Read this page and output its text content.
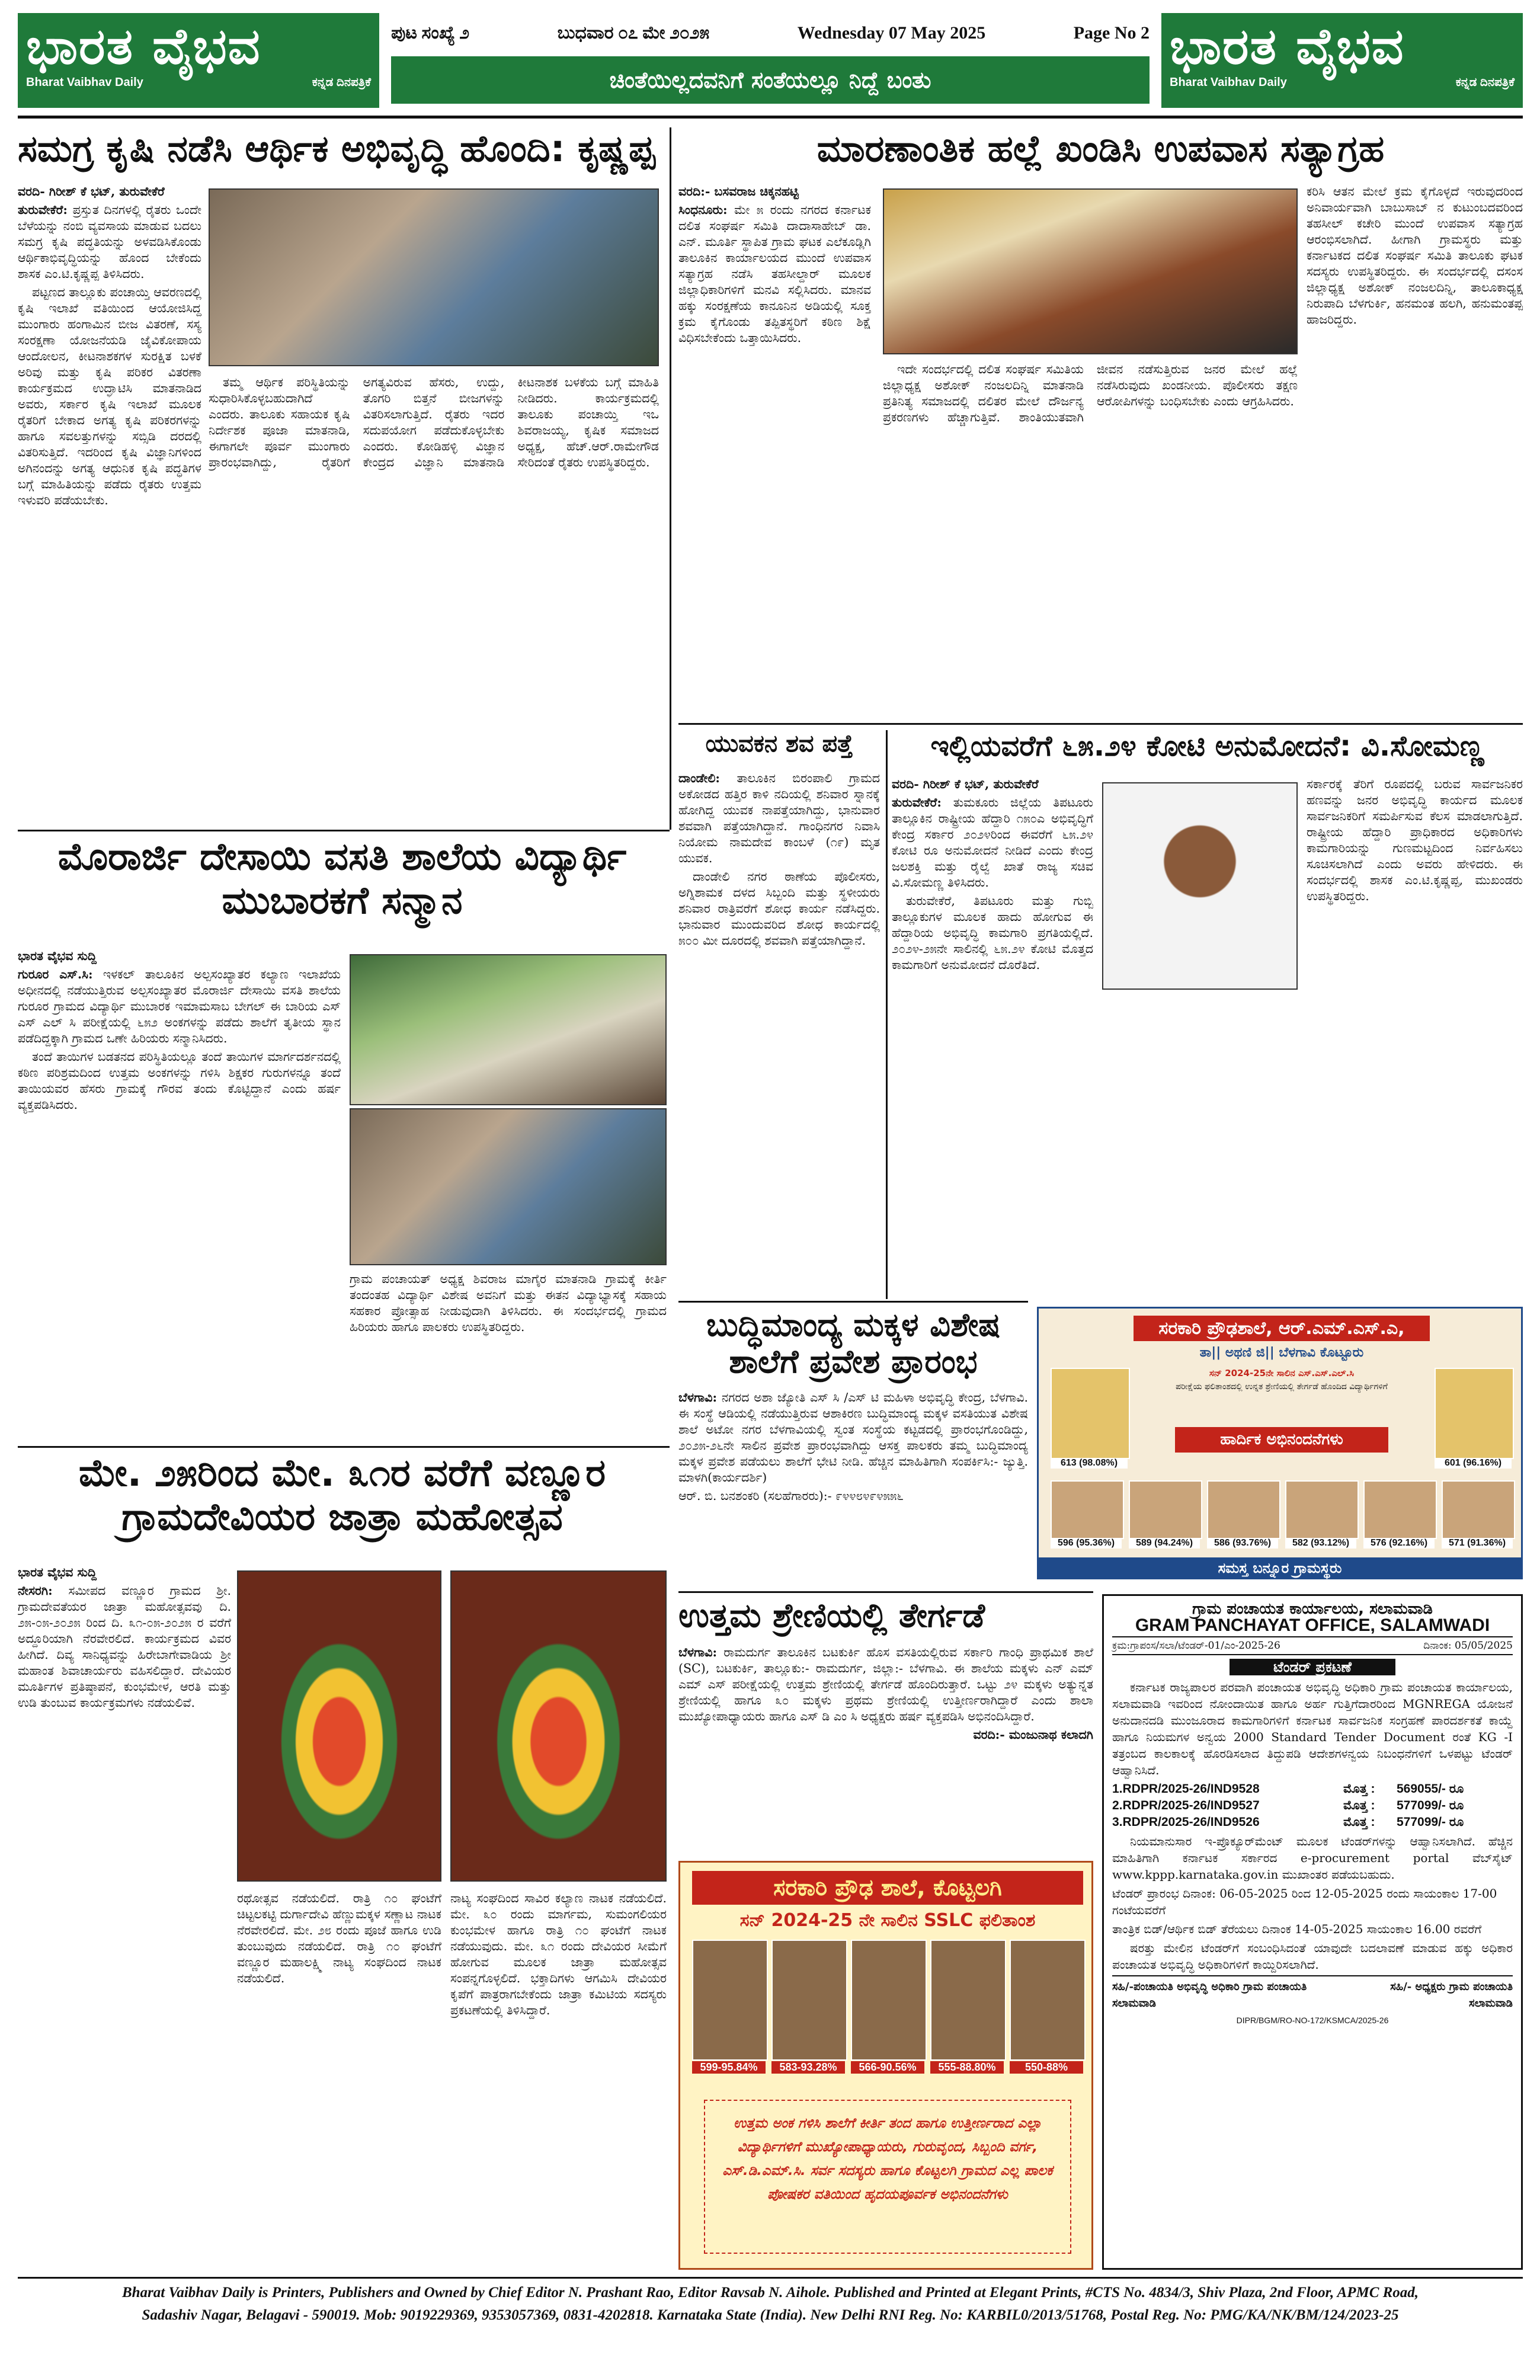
ಭಾರತ ವೈಭವ
Bharat Vaibhav Daily	ಕನ್ನಡ ದಿನಪತ್ರಿಕೆ
ಪುಟ ಸಂಖ್ಯೆ ೨	ಬುಧವಾರ ೦೭ ಮೇ ೨೦೨೫	Wednesday 07 May 2025	Page No 2
ಚಿಂತೆಯಿಲ್ಲದವನಿಗೆ ಸಂತೆಯಲ್ಲೂ ನಿದ್ದೆ ಬಂತು
ಭಾರತ ವೈಭವ
Bharat Vaibhav Daily	ಕನ್ನಡ ದಿನಪತ್ರಿಕೆ
ಸಮಗ್ರ ಕೃಷಿ ನಡೆಸಿ ಆರ್ಥಿಕ ಅಭಿವೃದ್ಧಿ ಹೊಂದಿ: ಕೃಷ್ಣಪ್ಪ

ವರದಿ- ಗಿರೀಶ್ ಕೆ ಭಟ್, ತುರುವೇಕೆರೆ

ತುರುವೇಕೆರೆ: ಪ್ರಸ್ತುತ ದಿನಗಳಲ್ಲಿ ರೈತರು ಒಂದೇ ಬೆಳೆಯನ್ನು ನಂಬಿ ವ್ಯವಸಾಯ ಮಾಡುವ ಬದಲು ಸಮಗ್ರ ಕೃಷಿ ಪದ್ಧತಿಯನ್ನು ಅಳವಡಿಸಿಕೊಂಡು ಆರ್ಥಿಕಾಭಿವೃದ್ಧಿಯನ್ನು ಹೊಂದ ಬೇಕೆಂದು ಶಾಸಕ ಎಂ.ಟಿ.ಕೃಷ್ಣಪ್ಪ ತಿಳಿಸಿದರು.

ಪಟ್ಟಣದ ತಾಲ್ಲೂಕು ಪಂಚಾಯ್ತಿ ಆವರಣದಲ್ಲಿ ಕೃಷಿ ಇಲಾಖೆ ವತಿಯಿಂದ ಆಯೋಜಿಸಿದ್ದ ಮುಂಗಾರು ಹಂಗಾಮಿನ ಬೀಜ ವಿತರಣೆ, ಸಸ್ಯ ಸಂರಕ್ಷಣಾ ಯೋಜನೆಯಡಿ ಜೈವಿಕೋಪಾಯ ಆಂದೋಲನ, ಕೀಟನಾಶಕಗಳ ಸುರಕ್ಷಿತ ಬಳಕೆ ಅರಿವು ಮತ್ತು ಕೃಷಿ ಪರಿಕರ ವಿತರಣಾ ಕಾರ್ಯಕ್ರಮದ ಉದ್ಘಾಟಿಸಿ ಮಾತನಾಡಿದ ಅವರು, ಸರ್ಕಾರ ಕೃಷಿ ಇಲಾಖೆ ಮೂಲಕ ರೈತರಿಗೆ ಬೇಕಾದ ಅಗತ್ಯ ಕೃಷಿ ಪರಿಕರಗಳನ್ನು ಹಾಗೂ ಸವಲತ್ತುಗಳನ್ನು ಸಬ್ಸಿಡಿ ದರದಲ್ಲಿ ವಿತರಿಸುತ್ತಿದೆ. ಇದರಿಂದ ಕೃಷಿ ವಿಜ್ಞಾನಿಗಳಿಂದ ಅಗಿನಂದನ್ನು ಅಗತ್ಯ ಆಧುನಿಕ ಕೃಷಿ ಪದ್ಧತಿಗಳ ಬಗ್ಗೆ ಮಾಹಿತಿಯನ್ನು ಪಡೆದು ರೈತರು ಉತ್ತಮ ಇಳುವರಿ ಪಡೆಯಬೇಕು.

ತಮ್ಮ ಆರ್ಥಿಕ ಪರಿಸ್ಥಿತಿಯನ್ನು ಸುಧಾರಿಸಿಕೊಳ್ಳಬಹುದಾಗಿದೆ ಎಂದರು. ತಾಲೂಕು ಸಹಾಯಕ ಕೃಷಿ ನಿರ್ದೇಶಕ ಪೂಜಾ ಮಾತನಾಡಿ, ಈಗಾಗಲೇ ಪೂರ್ವ ಮುಂಗಾರು ಪ್ರಾರಂಭವಾಗಿದ್ದು, ರೈತರಿಗೆ ಅಗತ್ಯವಿರುವ ಹೆಸರು, ಉದ್ದು, ತೊಗರಿ ಬಿತ್ತನೆ ಬೀಜಗಳನ್ನು ವಿತರಿಸಲಾಗುತ್ತಿದೆ. ರೈತರು ಇದರ ಸದುಪಯೋಗ ಪಡೆದುಕೊಳ್ಳಬೇಕು ಎಂದರು. ಕೋಡಿಹಳ್ಳಿ ವಿಜ್ಞಾನ ಕೇಂದ್ರದ ವಿಜ್ಞಾನಿ ಮಾತನಾಡಿ ಕೀಟನಾಶಕ ಬಳಕೆಯ ಬಗ್ಗೆ ಮಾಹಿತಿ ನೀಡಿದರು. ಕಾರ್ಯಕ್ರಮದಲ್ಲಿ ತಾಲೂಕು ಪಂಚಾಯ್ತಿ ಇಒ ಶಿವರಾಜಯ್ಯ, ಕೃಷಿಕ ಸಮಾಜದ ಅಧ್ಯಕ್ಷ, ಹೆಚ್.ಆರ್.ರಾಮೇಗೌಡ ಸೇರಿದಂತೆ ರೈತರು ಉಪಸ್ಥಿತರಿದ್ದರು.

ಮಾರಣಾಂತಿಕ ಹಲ್ಲೆ ಖಂಡಿಸಿ ಉಪವಾಸ ಸತ್ಯಾಗ್ರಹ

ವರದಿ:- ಬಸವರಾಜ ಚಿಕ್ಕನಹಟ್ಟಿ

ಸಿಂಧನೂರು: ಮೇ ೫ ರಂದು ನಗರದ ಕರ್ನಾಟಕ ದಲಿತ ಸಂಘರ್ಷ ಸಮಿತಿ ದಾದಾಸಾಹೇಬ್ ಡಾ. ಎನ್. ಮೂರ್ತಿ ಸ್ಥಾಪಿತ ಗ್ರಾಮ ಘಟಕ ಎಲೆಕೂಡ್ಲಿಗಿ ತಾಲೂಕಿನ ಕಾರ್ಯಾಲಯದ ಮುಂದೆ ಉಪವಾಸ ಸತ್ಯಾಗ್ರಹ ನಡೆಸಿ ತಹಸೀಲ್ದಾರ್ ಮೂಲಕ ಜಿಲ್ಲಾಧಿಕಾರಿಗಳಿಗೆ ಮನವಿ ಸಲ್ಲಿಸಿದರು. ಮಾನವ ಹಕ್ಕು ಸಂರಕ್ಷಣೆಯ ಕಾನೂನಿನ ಅಡಿಯಲ್ಲಿ ಸೂಕ್ತ ಕ್ರಮ ಕೈಗೊಂಡು ತಪ್ಪಿತಸ್ಥರಿಗೆ ಕಠಿಣ ಶಿಕ್ಷೆ ವಿಧಿಸಬೇಕೆಂದು ಒತ್ತಾಯಿಸಿದರು.

ಇದೇ ಸಂದರ್ಭದಲ್ಲಿ ದಲಿತ ಸಂಘರ್ಷ ಸಮಿತಿಯ ಜಿಲ್ಲಾಧ್ಯಕ್ಷ ಅಶೋಕ್ ನಂಜಲದಿನ್ನಿ ಮಾತನಾಡಿ ಪ್ರತಿನಿತ್ಯ ಸಮಾಜದಲ್ಲಿ ದಲಿತರ ಮೇಲೆ ದೌರ್ಜನ್ಯ ಪ್ರಕರಣಗಳು ಹೆಚ್ಚಾಗುತ್ತಿವೆ. ಶಾಂತಿಯುತವಾಗಿ ಜೀವನ ನಡೆಸುತ್ತಿರುವ ಜನರ ಮೇಲೆ ಹಲ್ಲೆ ನಡೆಸಿರುವುದು ಖಂಡನೀಯ. ಪೊಲೀಸರು ತಕ್ಷಣ ಆರೋಪಿಗಳನ್ನು ಬಂಧಿಸಬೇಕು ಎಂದು ಆಗ್ರಹಿಸಿದರು.

ಕರಿಸಿ ಆತನ ಮೇಲೆ ಕ್ರಮ ಕೈಗೊಳ್ಳದೆ ಇರುವುದರಿಂದ ಅನಿವಾರ್ಯವಾಗಿ ಬಾಬುಸಾಬ್ ನ ಕುಟುಂಬದವರಿಂದ ತಹಸೀಲ್ ಕಚೇರಿ ಮುಂದೆ ಉಪವಾಸ ಸತ್ಯಾಗ್ರಹ ಆರಂಭಿಸಲಾಗಿದೆ. ಹೀಗಾಗಿ ಗ್ರಾಮಸ್ಥರು ಮತ್ತು ಕರ್ನಾಟಕದ ದಲಿತ ಸಂಘರ್ಷ ಸಮಿತಿ ತಾಲೂಕು ಘಟಕ ಸದಸ್ಯರು ಉಪಸ್ಥಿತರಿದ್ದರು. ಈ ಸಂದರ್ಭದಲ್ಲಿ ದಸಂಸ ಜಿಲ್ಲಾಧ್ಯಕ್ಷ ಅಶೋಕ್ ನಂಜಲದಿನ್ನಿ, ತಾಲೂಕಾಧ್ಯಕ್ಷ ನಿರುಪಾದಿ ಬೆಳಗುರ್ಕಿ, ಹನಮಂತ ಹಲಗಿ, ಹನುಮಂತಪ್ಪ ಹಾಜರಿದ್ದರು.

ಯುವಕನ ಶವ ಪತ್ತೆ

ದಾಂಡೇಲಿ: ತಾಲೂಕಿನ ಬಿರಂಪಾಲಿ ಗ್ರಾಮದ ಅಕೋಡದ ಹತ್ತಿರ ಕಾಳಿ ನದಿಯಲ್ಲಿ ಶನಿವಾರ ಸ್ನಾನಕ್ಕೆ ಹೋಗಿದ್ದ ಯುವಕ ನಾಪತ್ತೆಯಾಗಿದ್ದು, ಭಾನುವಾರ ಶವವಾಗಿ ಪತ್ತೆಯಾಗಿದ್ದಾನೆ. ಗಾಂಧಿನಗರ ನಿವಾಸಿ ನಿಯೋಮ ನಾಮದೇವ ಕಾಂಬಳೆ (೧೯) ಮೃತ ಯುವಕ.

ದಾಂಡೇಲಿ ನಗರ ಠಾಣೆಯ ಪೊಲೀಸರು, ಅಗ್ನಿಶಾಮಕ ದಳದ ಸಿಬ್ಬಂದಿ ಮತ್ತು ಸ್ಥಳೀಯರು ಶನಿವಾರ ರಾತ್ರಿವರೆಗೆ ಶೋಧ ಕಾರ್ಯ ನಡೆಸಿದ್ದರು. ಭಾನುವಾರ ಮುಂದುವರಿದ ಶೋಧ ಕಾರ್ಯದಲ್ಲಿ ೫೦೦ ಮೀ ದೂರದಲ್ಲಿ ಶವವಾಗಿ ಪತ್ತೆಯಾಗಿದ್ದಾನೆ.

ಇಲ್ಲಿಯವರೆಗೆ ೬೫.೨೪ ಕೋಟಿ ಅನುಮೋದನೆ: ವಿ.ಸೋಮಣ್ಣ

ವರದಿ- ಗಿರೀಶ್ ಕೆ ಭಟ್, ತುರುವೇಕೆರೆ

ತುರುವೇಕೆರೆ: ತುಮಕೂರು ಜಿಲ್ಲೆಯ ತಿಪಟೂರು ತಾಲ್ಲೂಕಿನ ರಾಷ್ಟ್ರೀಯ ಹೆದ್ದಾರಿ ೧೫೦ಎ ಅಭಿವೃದ್ಧಿಗೆ ಕೇಂದ್ರ ಸರ್ಕಾರ ೨೦೨೪ರಿಂದ ಈವರೆಗೆ ೬೫.೨೪ ಕೋಟಿ ರೂ ಅನುಮೋದನೆ ನೀಡಿದೆ ಎಂದು ಕೇಂದ್ರ ಜಲಶಕ್ತಿ ಮತ್ತು ರೈಲ್ವೆ ಖಾತೆ ರಾಜ್ಯ ಸಚಿವ ವಿ.ಸೋಮಣ್ಣ ತಿಳಿಸಿದರು.

ತುರುವೇಕೆರೆ, ತಿಪಟೂರು ಮತ್ತು ಗುಬ್ಬಿ ತಾಲ್ಲೂಕುಗಳ ಮೂಲಕ ಹಾದು ಹೋಗುವ ಈ ಹೆದ್ದಾರಿಯ ಅಭಿವೃದ್ಧಿ ಕಾಮಗಾರಿ ಪ್ರಗತಿಯಲ್ಲಿದೆ. ೨೦೨೪-೨೫ನೇ ಸಾಲಿನಲ್ಲಿ ೬೫.೨೪ ಕೋಟಿ ಮೊತ್ತದ ಕಾಮಗಾರಿಗೆ ಅನುಮೋದನೆ ದೊರೆತಿದೆ.

ಸರ್ಕಾರಕ್ಕೆ ತೆರಿಗೆ ರೂಪದಲ್ಲಿ ಬರುವ ಸಾರ್ವಜನಿಕರ ಹಣವನ್ನು ಜನರ ಅಭಿವೃದ್ಧಿ ಕಾರ್ಯದ ಮೂಲಕ ಸಾರ್ವಜನಿಕರಿಗೆ ಸಮರ್ಪಿಸುವ ಕೆಲಸ ಮಾಡಲಾಗುತ್ತಿದೆ. ರಾಷ್ಟ್ರೀಯ ಹೆದ್ದಾರಿ ಪ್ರಾಧಿಕಾರದ ಅಧಿಕಾರಿಗಳು ಕಾಮಗಾರಿಯನ್ನು ಗುಣಮಟ್ಟದಿಂದ ನಿರ್ವಹಿಸಲು ಸೂಚಿಸಲಾಗಿದೆ ಎಂದು ಅವರು ಹೇಳಿದರು. ಈ ಸಂದರ್ಭದಲ್ಲಿ ಶಾಸಕ ಎಂ.ಟಿ.ಕೃಷ್ಣಪ್ಪ, ಮುಖಂಡರು ಉಪಸ್ಥಿತರಿದ್ದರು.

ಮೊರಾರ್ಜಿ ದೇಸಾಯಿ ವಸತಿ ಶಾಲೆಯ ವಿದ್ಯಾರ್ಥಿ ಮುಬಾರಕಗೆ ಸನ್ಮಾನ

ಭಾರತ ವೈಭವ ಸುದ್ದಿ

ಗುರೂರ ಎಸ್.ಸಿ: ಇಳಕಲ್ ತಾಲೂಕಿನ ಅಲ್ಪಸಂಖ್ಯಾತರ ಕಲ್ಯಾಣ ಇಲಾಖೆಯ ಅಧೀನದಲ್ಲಿ ನಡೆಯುತ್ತಿರುವ ಅಲ್ಪಸಂಖ್ಯಾತರ ಮೊರಾರ್ಜಿ ದೇಸಾಯಿ ವಸತಿ ಶಾಲೆಯ ಗುರೂರ ಗ್ರಾಮದ ವಿದ್ಯಾರ್ಥಿ ಮುಬಾರಕ ಇಮಾಮಸಾಬ ಬೇಗಲ್ ಈ ಬಾರಿಯ ಎಸ್ ಎಸ್ ಎಲ್ ಸಿ ಪರೀಕ್ಷೆಯಲ್ಲಿ ೬೫೨ ಅಂಕಗಳನ್ನು ಪಡೆದು ಶಾಲೆಗೆ ತೃತೀಯ ಸ್ಥಾನ ಪಡೆದಿದ್ದಕ್ಕಾಗಿ ಗ್ರಾಮದ ಒಣೇ ಹಿರಿಯರು ಸನ್ಮಾನಿಸಿದರು.

ತಂದೆ ತಾಯಿಗಳ ಬಡತನದ ಪರಿಸ್ಥಿತಿಯಲ್ಲೂ ತಂದೆ ತಾಯಿಗಳ ಮಾರ್ಗದರ್ಶನದಲ್ಲಿ ಕಠಿಣ ಪರಿಶ್ರಮದಿಂದ ಉತ್ತಮ ಅಂಕಗಳನ್ನು ಗಳಿಸಿ ಶಿಕ್ಷಕರ ಗುರುಗಳನ್ನೂ ತಂದೆ ತಾಯಿಯವರ ಹೆಸರು ಗ್ರಾಮಕ್ಕೆ ಗೌರವ ತಂದು ಕೊಟ್ಟಿದ್ದಾನೆ ಎಂದು ಹರ್ಷ ವ್ಯಕ್ತಪಡಿಸಿದರು.

ಗ್ರಾಮ ಪಂಚಾಯತ್ ಅಧ್ಯಕ್ಷ ಶಿವರಾಜ ಮಾಗೈರ ಮಾತನಾಡಿ ಗ್ರಾಮಕ್ಕೆ ಕೀರ್ತಿ ತಂದಂತಹ ವಿದ್ಯಾರ್ಥಿ ವಿಶೇಷ ಅವನಿಗೆ ಮತ್ತು ಈತನ ವಿದ್ಯಾಭ್ಯಾಸಕ್ಕೆ ಸಹಾಯ ಸಹಕಾರ ಪ್ರೋತ್ಸಾಹ ನೀಡುವುದಾಗಿ ತಿಳಿಸಿದರು. ಈ ಸಂದರ್ಭದಲ್ಲಿ ಗ್ರಾಮದ ಹಿರಿಯರು ಹಾಗೂ ಪಾಲಕರು ಉಪಸ್ಥಿತರಿದ್ದರು.	ಬುದ್ಧಿಮಾಂದ್ಯ ಮಕ್ಕಳ ವಿಶೇಷ ಶಾಲೆಗೆ ಪ್ರವೇಶ ಪ್ರಾರಂಭ

ಬೆಳಗಾವಿ: ನಗರದ ಅಶಾ ಜ್ಯೋತಿ ಎಸ್ ಸಿ /ಎಸ್ ಟಿ ಮಹಿಳಾ ಅಭಿವೃದ್ಧಿ ಕೇಂದ್ರ, ಬೆಳಗಾವಿ. ಈ ಸಂಸ್ಥೆ ಆಡಿಯಲ್ಲಿ ನಡೆಯುತ್ತಿರುವ ಆಶಾಕಿರಣ ಬುದ್ಧಿಮಾಂದ್ಯ ಮಕ್ಕಳ ವಸತಿಯುತ ವಿಶೇಷ ಶಾಲೆ ಅಟೋ ನಗರ ಬೆಳಗಾವಿಯಲ್ಲಿ ಸ್ವಂತ ಸಂಸ್ಥೆಯ ಕಟ್ಟಡದಲ್ಲಿ ಪ್ರಾರಂಭಗೊಂಡಿದ್ದು, ೨೦೨೫-೨೬ನೇ ಸಾಲಿನ ಪ್ರವೇಶ ಪ್ರಾರಂಭವಾಗಿದ್ದು ಆಸಕ್ತ ಪಾಲಕರು ತಮ್ಮ ಬುದ್ಧಿಮಾಂದ್ಯ ಮಕ್ಕಳ ಪ್ರವೇಶ ಪಡೆಯಲು ಶಾಲೆಗೆ ಭೇಟಿ ನೀಡಿ. ಹೆಚ್ಚಿನ ಮಾಹಿತಿಗಾಗಿ ಸಂಪರ್ಕಿಸಿ:- ಜ್ಯುತ್ತಿ. ಮಾಳಗಿ(ಕಾರ್ಯದರ್ಶಿ)

ಆರ್. ಬಿ. ಬನಶಂಕರಿ (ಸಲಹೆಗಾರರು):- ೯೪೪೮೪೯೪೫೫೬

ಸರಕಾರಿ ಪ್ರೌಢಶಾಲೆ, ಆರ್.ಎಮ್.ಎಸ್.ಎ,
ತಾ|| ಅಥಣಿ ಜಿ|| ಬೆಳಗಾವಿ ಕೊಟ್ಟೂರು
ಸನ್ 2024-25ನೇ ಸಾಲಿನ ಎಸ್.ಎಸ್.ಎಲ್.ಸಿ
ಪರೀಕ್ಷೆಯ ಫಲಿತಾಂಶದಲ್ಲಿ ಉನ್ನತ ಶ್ರೇಣಿಯಲ್ಲಿ ತೇರ್ಗಡೆ ಹೊಂದಿದ ವಿದ್ಯಾರ್ಥಿಗಳಿಗೆ
613 (98.08%)	601 (96.16%)
ಹಾರ್ದಿಕ ಅಭಿನಂದನೆಗಳು
596 (95.36%)	589 (94.24%)	586 (93.76%)	582 (93.12%)	576 (92.16%)	571 (91.36%)
ಸಮಸ್ತ ಬನ್ನೂರ ಗ್ರಾಮಸ್ಥರು
ಮೇ. ೨೫ರಿಂದ ಮೇ. ೩೧ರ ವರೆಗೆ ವಣ್ಣೂರ ಗ್ರಾಮದೇವಿಯರ ಜಾತ್ರಾ ಮಹೋತ್ಸವ

ಭಾರತ ವೈಭವ ಸುದ್ದಿ

ನೇಸರಗಿ: ಸಮೀಪದ ವಣ್ಣೂರ ಗ್ರಾಮದ ಶ್ರೀ. ಗ್ರಾಮದೇವತೆಯರ ಜಾತ್ರಾ ಮಹೋತ್ಸವವು ದಿ. ೨೫-೦೫-೨೦೨೫ ರಿಂದ ದಿ. ೩೧-೦೫-೨೦೨೫ ರ ವರೆಗೆ ಅದ್ದೂರಿಯಾಗಿ ನೆರವೇರಲಿದೆ. ಕಾರ್ಯಕ್ರಮದ ವಿವರ ಹೀಗಿದೆ. ದಿವ್ಯ ಸಾನಿಧ್ಯವನ್ನು ಹಿರೇಬಾಗೇವಾಡಿಯ ಶ್ರೀ ಮಹಾಂತ ಶಿವಾಚಾರ್ಯರು ವಹಿಸಲಿದ್ದಾರೆ. ದೇವಿಯರ ಮೂರ್ತಿಗಳ ಪ್ರತಿಷ್ಠಾಪನೆ, ಕುಂಭಮೇಳ, ಆರತಿ ಮತ್ತು ಉಡಿ ತುಂಬುವ ಕಾರ್ಯಕ್ರಮಗಳು ನಡೆಯಲಿವೆ.

ರಥೋತ್ಸವ ನಡೆಯಲಿದೆ. ರಾತ್ರಿ ೧೦ ಘಂಟೆಗೆ ಚಿಟ್ಟಲಕಟ್ಟಿ ದುರ್ಗಾದೇವಿ ಹೆಣ್ಣುಮಕ್ಕಳ ಸಣ್ಣಾಟ ನಾಟಕ ನೆರವೇರಲಿದೆ. ಮೇ. ೨೮ ರಂದು ಪೂಜೆ ಹಾಗೂ ಉಡಿ ತುಂಬುವುದು ನಡೆಯಲಿದೆ. ರಾತ್ರಿ ೧೦ ಘಂಟೆಗೆ ವಣ್ಣೂರ ಮಹಾಲಕ್ಷ್ಮಿ ನಾಟ್ಯ ಸಂಘದಿಂದ ನಾಟಕ ನಡೆಯಲಿದೆ.

ನಾಟ್ಯ ಸಂಘದಿಂದ ಸಾವಿರ ಕಲ್ಯಾಣ ನಾಟಕ ನಡೆಯಲಿದೆ. ಮೇ. ೩೦ ರಂದು ಮಾರ್ಗಮ, ಸುಮಂಗಲಿಯರ ಕುಂಭಮೇಳ ಹಾಗೂ ರಾತ್ರಿ ೧೦ ಘಂಟೆಗೆ ನಾಟಕ ನಡೆಯುವುದು. ಮೇ. ೩೧ ರಂದು ದೇವಿಯರ ಸೀಮೆಗೆ ಹೋಗುವ ಮೂಲಕ ಜಾತ್ರಾ ಮಹೋತ್ಸವ ಸಂಪನ್ನಗೊಳ್ಳಲಿದೆ. ಭಕ್ತಾದಿಗಳು ಆಗಮಿಸಿ ದೇವಿಯರ ಕೃಪೆಗೆ ಪಾತ್ರರಾಗಬೇಕೆಂದು ಜಾತ್ರಾ ಕಮಿಟಿಯ ಸದಸ್ಯರು ಪ್ರಕಟಣೆಯಲ್ಲಿ ತಿಳಿಸಿದ್ದಾರೆ.

ಉತ್ತಮ ಶ್ರೇಣಿಯಲ್ಲಿ ತೇರ್ಗಡೆ

ಬೆಳಗಾವಿ: ರಾಮದುರ್ಗ ತಾಲೂಕಿನ ಬಟಕುರ್ಕಿ ಹೊಸ ವಸತಿಯಲ್ಲಿರುವ ಸರ್ಕಾರಿ ಗಾಂಧಿ ಪ್ರಾಥಮಿಕ ಶಾಲೆ (SC), ಬಟಕುರ್ಕಿ, ತಾಲ್ಲೂಕು:- ರಾಮದುರ್ಗ, ಜಿಲ್ಲಾ:- ಬೆಳಗಾವಿ. ಈ ಶಾಲೆಯ ಮಕ್ಕಳು ಎನ್ ಎಮ್ ಎಮ್ ಎಸ್ ಪರೀಕ್ಷೆಯಲ್ಲಿ ಉತ್ತಮ ಶ್ರೇಣಿಯಲ್ಲಿ ತೇರ್ಗಡೆ ಹೊಂದಿರುತ್ತಾರೆ. ಒಟ್ಟು ೨೪ ಮಕ್ಕಳು ಅತ್ಯುನ್ನತ ಶ್ರೇಣಿಯಲ್ಲಿ ಹಾಗೂ ೩೦ ಮಕ್ಕಳು ಪ್ರಥಮ ಶ್ರೇಣಿಯಲ್ಲಿ ಉತ್ತೀರ್ಣರಾಗಿದ್ದಾರೆ ಎಂದು ಶಾಲಾ ಮುಖ್ಯೋಪಾಧ್ಯಾಯರು ಹಾಗೂ ಎಸ್ ಡಿ ಎಂ ಸಿ ಅಧ್ಯಕ್ಷರು ಹರ್ಷ ವ್ಯಕ್ತಪಡಿಸಿ ಅಭಿನಂದಿಸಿದ್ದಾರೆ.

ವರದಿ:- ಮಂಜುನಾಥ ಕಲಾದಗಿ

ಸರಕಾರಿ ಪ್ರೌಢ ಶಾಲೆ, ಕೊಟ್ಟಲಗಿ
ಸನ್ 2024-25 ನೇ ಸಾಲಿನ SSLC ಫಲಿತಾಂಶ
599-95.84%	583-93.28%	566-90.56%	555-88.80%	550-88%
ಉತ್ತಮ ಅಂಕ ಗಳಿಸಿ ಶಾಲೆಗೆ ಕೀರ್ತಿ ತಂದ ಹಾಗೂ ಉತ್ತೀರ್ಣರಾದ ಎಲ್ಲಾ ವಿದ್ಯಾರ್ಥಿಗಳಿಗೆ ಮುಖ್ಯೋಪಾಧ್ಯಾಯರು, ಗುರುವೃಂದ, ಸಿಬ್ಬಂದಿ ವರ್ಗ, ಎಸ್.ಡಿ.ಎಮ್.ಸಿ. ಸರ್ವ ಸದಸ್ಯರು ಹಾಗೂ ಕೊಟ್ಟಲಗಿ ಗ್ರಾಮದ ಎಲ್ಲ ಪಾಲಕ ಪೋಷಕರ ವತಿಯಿಂದ ಹೃದಯಪೂರ್ವಕ ಅಭಿನಂದನೆಗಳು
ಗ್ರಾಮ ಪಂಚಾಯತ ಕಾರ್ಯಾಲಯ, ಸಲಾಮವಾಡಿ
GRAM PANCHAYAT OFFICE, SALAMWADI
ಕ್ರಮ:ಗ್ರಾಪಂಸ/ಸಲಾ/ಟೆಂಡರ್-01/ಎಂ-2025-26	ದಿನಾಂಕ: 05/05/2025
ಟೆಂಡರ್ ಪ್ರಕಟಣೆ

ಕರ್ನಾಟಕ ರಾಜ್ಯಪಾಲರ ಪರವಾಗಿ ಪಂಚಾಯತ ಅಭಿವೃದ್ಧಿ ಅಧಿಕಾರಿ ಗ್ರಾಮ ಪಂಚಾಯತ ಕಾರ್ಯಾಲಯ, ಸಲಾಮವಾಡಿ ಇವರಿಂದ ನೋಂದಾಯಿತ ಹಾಗೂ ಅರ್ಹ ಗುತ್ತಿಗೆದಾರರಿಂದ MGNREGA ಯೋಜನೆ ಅನುದಾನದಡಿ ಮುಂಜೂರಾದ ಕಾಮಗಾರಿಗಳಿಗೆ ಕರ್ನಾಟಕ ಸಾರ್ವಜನಿಕ ಸಂಗ್ರಹಣೆ ಪಾರದರ್ಶಕತೆ ಕಾಯ್ದೆ ಹಾಗೂ ನಿಯಮಗಳ ಅನ್ವಯ 2000 Standard Tender Document ರಂತೆ KG -I ತತ್ರಂಬದ ಕಾಲಕಾಲಕ್ಕೆ ಹೊರಡಿಸಲಾದ ತಿದ್ದುಪಡಿ ಆದೇಶಗಳನ್ವಯ ನಿಬಂಧನೆಗಳಿಗೆ ಒಳಪಟ್ಟು ಟೆಂಡರ್ ಆಹ್ವಾನಿಸಿದೆ.

1.RDPR/2025-26/IND9528	ಮೊತ್ತ :	569055/- ರೂ
2.RDPR/2025-26/IND9527	ಮೊತ್ತ :	577099/- ರೂ
3.RDPR/2025-26/IND9526	ಮೊತ್ತ :	577099/- ರೂ

ನಿಯಮಾನುಸಾರ ಇ-ಪ್ರೊಕ್ಯೂರ್‌ಮೆಂಟ್ ಮೂಲಕ ಟೆಂಡರ್‌ಗಳನ್ನು ಆಹ್ವಾನಿಸಲಾಗಿದೆ. ಹೆಚ್ಚಿನ ಮಾಹಿತಿಗಾಗಿ ಕರ್ನಾಟಕ ಸರ್ಕಾರದ e-procurement portal ವೆಬ್‌ಸೈಟ್ www.kppp.karnataka.gov.in ಮುಖಾಂತರ ಪಡೆಯಬಹುದು.

ಟೆಂಡರ್ ಪ್ರಾರಂಭ ದಿನಾಂಕ: 06-05-2025 ರಿಂದ 12-05-2025 ರಂದು ಸಾಯಂಕಾಲ 17-00 ಗಂಟೆಯವರೆಗೆ

ತಾಂತ್ರಿಕ ಬಿಡ್/ಆರ್ಥಿಕ ಬಿಡ್ ತೆರೆಯಲು ದಿನಾಂಕ 14-05-2025 ಸಾಯಂಕಾಲ 16.00 ರವರೆಗೆ

ಷರತ್ತು ಮೇಲಿನ ಟೆಂಡರ್‌ಗೆ ಸಂಬಂಧಿಸಿದಂತೆ ಯಾವುದೇ ಬದಲಾವಣೆ ಮಾಡುವ ಹಕ್ಕು ಅಧಿಕಾರ ಪಂಚಾಯತ ಅಭಿವೃದ್ಧಿ ಅಧಿಕಾರಿಗಳಿಗೆ ಕಾಯ್ದಿರಿಸಲಾಗಿದೆ.

ಸಹಿ/-ಪಂಚಾಯತಿ ಅಭಿವೃದ್ಧಿ ಅಧಿಕಾರಿ ಗ್ರಾಮ ಪಂಚಾಯತಿ ಸಲಾಮವಾಡಿ
ಸಹಿ/- ಅಧ್ಯಕ್ಷರು ಗ್ರಾಮ ಪಂಚಾಯತಿ ಸಲಾಮವಾಡಿ
DIPR/BGM/RO-NO-172/KSMCA/2025-26
Bharat Vaibhav Daily is Printers, Publishers and Owned by Chief Editor N. Prashant Rao, Editor Ravsab N. Aihole. Published and Printed at Elegant Prints, #CTS No. 4834/3, Shiv Plaza, 2nd Floor, APMC Road,
Sadashiv Nagar, Belagavi - 590019. Mob: 9019229369, 9353057369, 0831-4202818. Karnataka State (India). New Delhi RNI Reg. No: KARBIL0/2013/51768, Postal Reg. No: PMG/KA/NK/BM/124/2023-25
